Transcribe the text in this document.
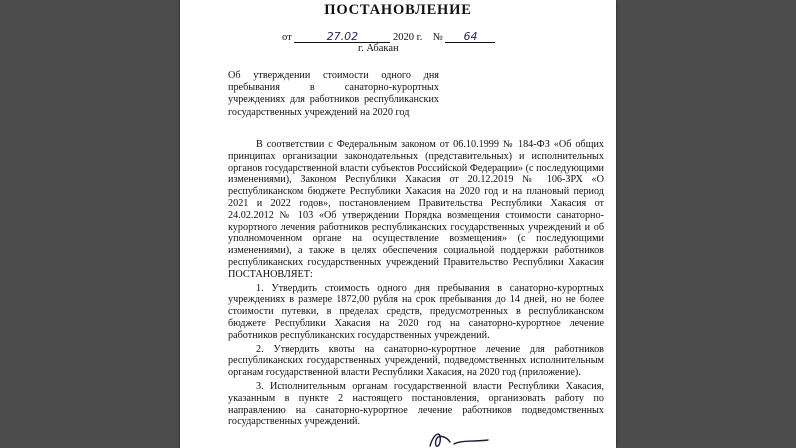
ПОСТАНОВЛЕНИЕ
от	27.02	2020 г. № 64
г. Абакан
Об утверждении стоимости одного дня пребывания в санаторно-курортных учреждениях для работников республиканских государственных учреждений на 2020 год

В соответствии с Федеральным законом от 06.10.1999 № 184-ФЗ «Об общих принципах организации законодательных (представительных) и исполнительных органов государственной власти субъектов Российской Федерации» (с последующими изменениями), Законом Республики Хакасия от 20.12.2019 № 106-ЗРХ «О республиканском бюджете Республики Хакасия на 2020 год и на плановый период 2021 и 2022 годов», постановлением Правительства Республики Хакасия от 24.02.2012 № 103 «Об утверждении Порядка возмещения стоимости санаторно-курортного лечения работников республиканских государственных учреждений и об уполномоченном органе на осуществление возмещения» (с последующими изменениями), а также в целях обеспечения социальной поддержки работников республиканских государственных учреждений Правительство Республики Хакасия ПОСТАНОВЛЯЕТ:

1. Утвердить стоимость одного дня пребывания в санаторно-курортных учреждениях в размере 1872,00 рубля на срок пребывания до 14 дней, но не более стоимости путевки, в пределах средств, предусмотренных в республиканском бюджете Республики Хакасия на 2020 год на санаторно-курортное лечение работников республиканских государственных учреждений.

2. Утвердить квоты на санаторно-курортное лечение для работников республиканских государственных учреждений, подведомственных исполнительным органам государственной власти Республики Хакасия, на 2020 год (приложение).

3. Исполнительным органам государственной власти Республики Хакасия, указанным в пункте 2 настоящего постановления, организовать работу по направлению на санаторно-курортное лечение работников подведомственных государственных учреждений.
